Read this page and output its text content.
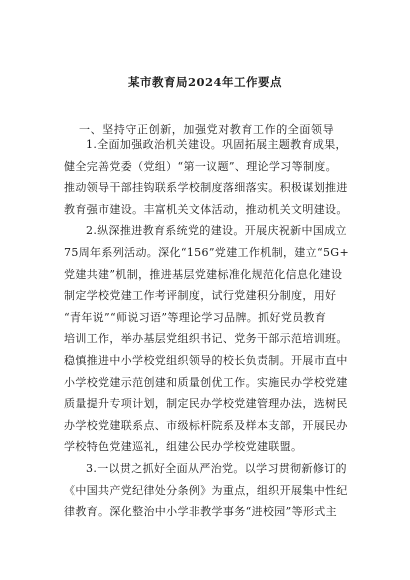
某市教育局2024年工作要点
一、坚持守正创新，加强党对教育工作的全面领导
1.全面加强政治机关建设。巩固拓展主题教育成果，
健全完善党委（党组）“第一议题”、理论学习等制度。
推动领导干部挂钩联系学校制度落细落实。积极谋划推进
教育强市建设。丰富机关文体活动，推动机关文明建设。
2.纵深推进教育系统党的建设。开展庆祝新中国成立
75周年系列活动。深化“156”党建工作机制，建立“5G+
党建共建”机制，推进基层党建标准化规范化信息化建设
制定学校党建工作考评制度，试行党建积分制度，用好
“青年说”“师说习语”等理论学习品牌。抓好党员教育
培训工作，举办基层党组织书记、党务干部示范培训班。
稳慎推进中小学校党组织领导的校长负责制。开展市直中
小学校党建示范创建和质量创优工作。实施民办学校党建
质量提升专项计划，制定民办学校党建管理办法，选树民
办学校党建联系点、市级标杆院系及样本支部，开展民办
学校特色党建巡礼，组建公民办学校党建联盟。
3.一以贯之抓好全面从严治党。以学习贯彻新修订的
《中国共产党纪律处分条例》为重点，组织开展集中性纪
律教育。深化整治中小学非教学事务“进校园”等形式主
